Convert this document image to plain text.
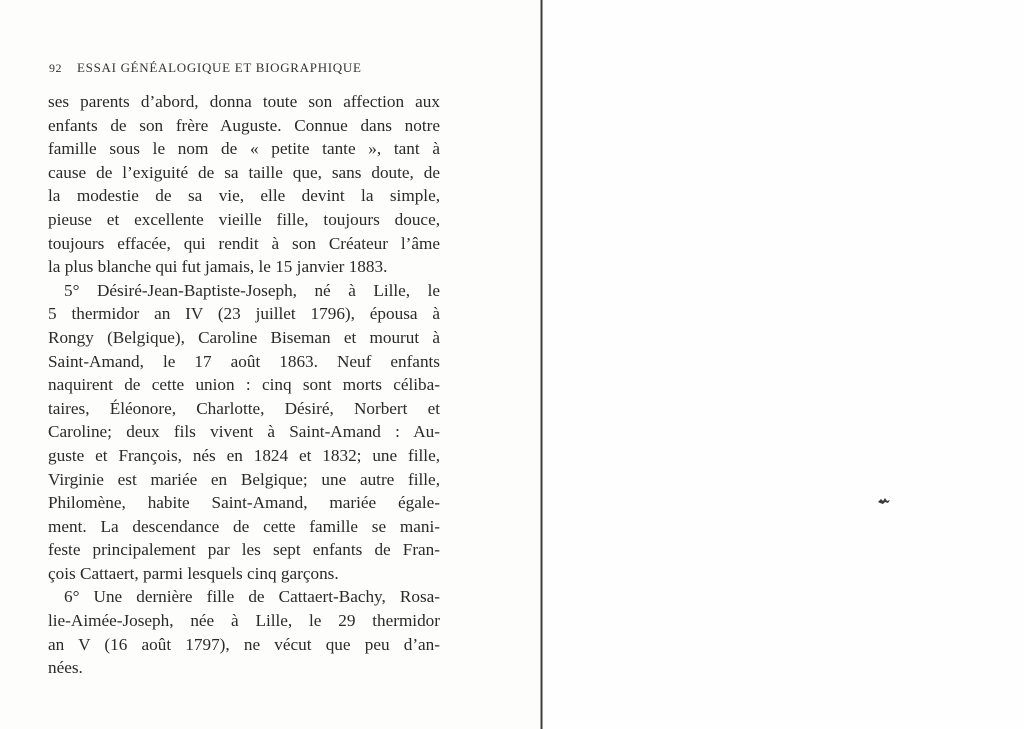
92 ESSAI GÉNÉALOGIQUE ET BIOGRAPHIQUE
ses parents d’abord, donna toute son affection aux
enfants de son frère Auguste. Connue dans notre
famille sous le nom de « petite tante », tant à
cause de l’exiguité de sa taille que, sans doute, de
la modestie de sa vie, elle devint la simple,
pieuse et excellente vieille fille, toujours douce,
toujours effacée, qui rendit à son Créateur l’âme
la plus blanche qui fut jamais, le 15 janvier 1883.
5° Désiré-Jean-Baptiste-Joseph, né à Lille, le
5 thermidor an IV (23 juillet 1796), épousa à
Rongy (Belgique), Caroline Biseman et mourut à
Saint-Amand, le 17 août 1863. Neuf enfants
naquirent de cette union : cinq sont morts céliba-
taires, Éléonore, Charlotte, Désiré, Norbert et
Caroline; deux fils vivent à Saint-Amand : Au-
guste et François, nés en 1824 et 1832; une fille,
Virginie est mariée en Belgique; une autre fille,
Philomène, habite Saint-Amand, mariée égale-
ment. La descendance de cette famille se mani-
feste principalement par les sept enfants de Fran-
çois Cattaert, parmi lesquels cinq garçons.
6° Une dernière fille de Cattaert-Bachy, Rosa-
lie-Aimée-Joseph, née à Lille, le 29 thermidor
an V (16 août 1797), ne vécut que peu d’an-
nées.
